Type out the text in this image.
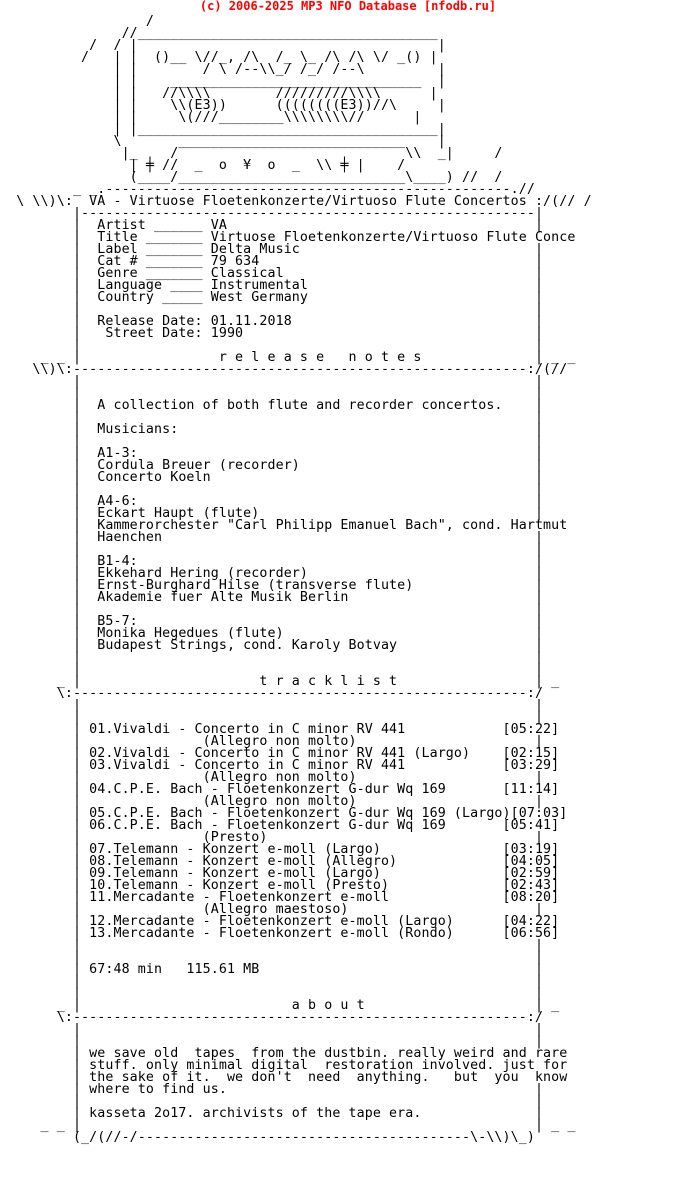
(c) 2006-2025 MP3 NFO Database [nfodb.ru]
/
//_____________________________________
/  / |                                     |
/   | |  ()__ \//_, /\  /_ \_ /\ /\ \/ _() |
| |        / \ /--\\_/ /_/ /--\         |
| |    _______________________________  |
| |   //\\\\        /////////\\\\      |
| |    \\(E3))      ((((((((E3))//\     |
| |     \(///________\\\\\\\\//      |
| |_____________________________________|
\       ____________________________    |
|_    /                            \\  _|     /
| ╪ //  _  o  ¥  o  _  \\ ╪ |    /
(____/____________________________\____) //  /
_ _.--------------------------------------------------.//
\ \\)\:  VA - Virtuose Floetenkonzerte/Virtuoso Flute Concertos :/(// /
|--------------------------------------------------------|
|  Artist ______ VA                                      |
|  Title _______ Virtuose Floetenkonzerte/Virtuoso Flute Conce
|  Label _______ Delta Music                             |
|  Cat # _______ 79 634                                  |
|  Genre _______ Classical                               |
|  Language ____ Instrumental                            |
|  Country _____ West Germany                            |
|                                                        |
|  Release Date: 01.11.2018                              |
|   Street Date: 1990                                    |
|                                                        |
_ _ |                 r e l e a s e   n o t e s              | _ _
\\)\:--------------------------------------------------------:/(//
|                                                        |
|                                                        |
|  A collection of both flute and recorder concertos.    |
|                                                        |
|  Musicians:                                            |
|                                                        |
|  A1-3:                                                 |
|  Cordula Breuer (recorder)                             |
|  Concerto Koeln                                        |
|                                                        |
|  A4-6:                                                 |
|  Eckart Haupt (flute)                                  |
|  Kammerorchester "Carl Philipp Emanuel Bach", cond. Hartmut
|  Haenchen                                              |
|                                                        |
|  B1-4:                                                 |
|  Ekkehard Hering (recorder)                            |
|  Ernst-Burghard Hilse (transverse flute)               |
|  Akademie fuer Alte Musik Berlin                       |
|                                                        |
|  B5-7:                                                 |
|  Monika Hegedues (flute)                               |
|  Budapest Strings, cond. Karoly Botvay                 |
|                                                        |
|                                                        |
_ |                      t r a c k l i s t                 | _
\:--------------------------------------------------------:/
|                                                        |
|                                                        |
| 01.Vivaldi - Concerto in C minor RV 441            [05:22]
|               (Allegro non molto)                      |
| 02.Vivaldi - Concerto in C minor RV 441 (Largo)    [02:15]
| 03.Vivaldi - Concerto in C minor RV 441            [03:29]
|               (Allegro non molto)                      |
| 04.C.P.E. Bach - Floetenkonzert G-dur Wq 169       [11:14]
|               (Allegro non molto)                      |
| 05.C.P.E. Bach - Floetenkonzert G-dur Wq 169 (Largo)[07:03]
| 06.C.P.E. Bach - Floetenkonzert G-dur Wq 169       [05:41]
|               (Presto)                                 |
| 07.Telemann - Konzert e-moll (Largo)               [03:19]
| 08.Telemann - Konzert e-moll (Allegro)             [04:05]
| 09.Telemann - Konzert e-moll (Largo)               [02:59]
| 10.Telemann - Konzert e-moll (Presto)              [02:43]
| 11.Mercadante - Floetenkonzert e-moll              [08:20]
|               (Allegro maestoso)                       |
| 12.Mercadante - Floetenkonzert e-moll (Largo)      [04:22]
| 13.Mercadante - Floetenkonzert e-moll (Rondo)      [06:56]
|                                                        |
|                                                        |
| 67:48 min   115.61 MB                                  |
|                                                        |
|                                                        |
_ |                          a b o u t                     | _
\:--------------------------------------------------------:/
|                                                        |
|                                                        |
| we save old  tapes  from the dustbin. really weird and rare
| stuff. only minimal digital  restoration involved. just for
| the sake of it.  we don't  need  anything.   but  you  know
| where to find us.                                      |
|                                                        |
| kasseta 2o17. archivists of the tape era.              |
_ _ |                                                        | _ _
(_/(//-/-----------------------------------------\-\\)\_)
